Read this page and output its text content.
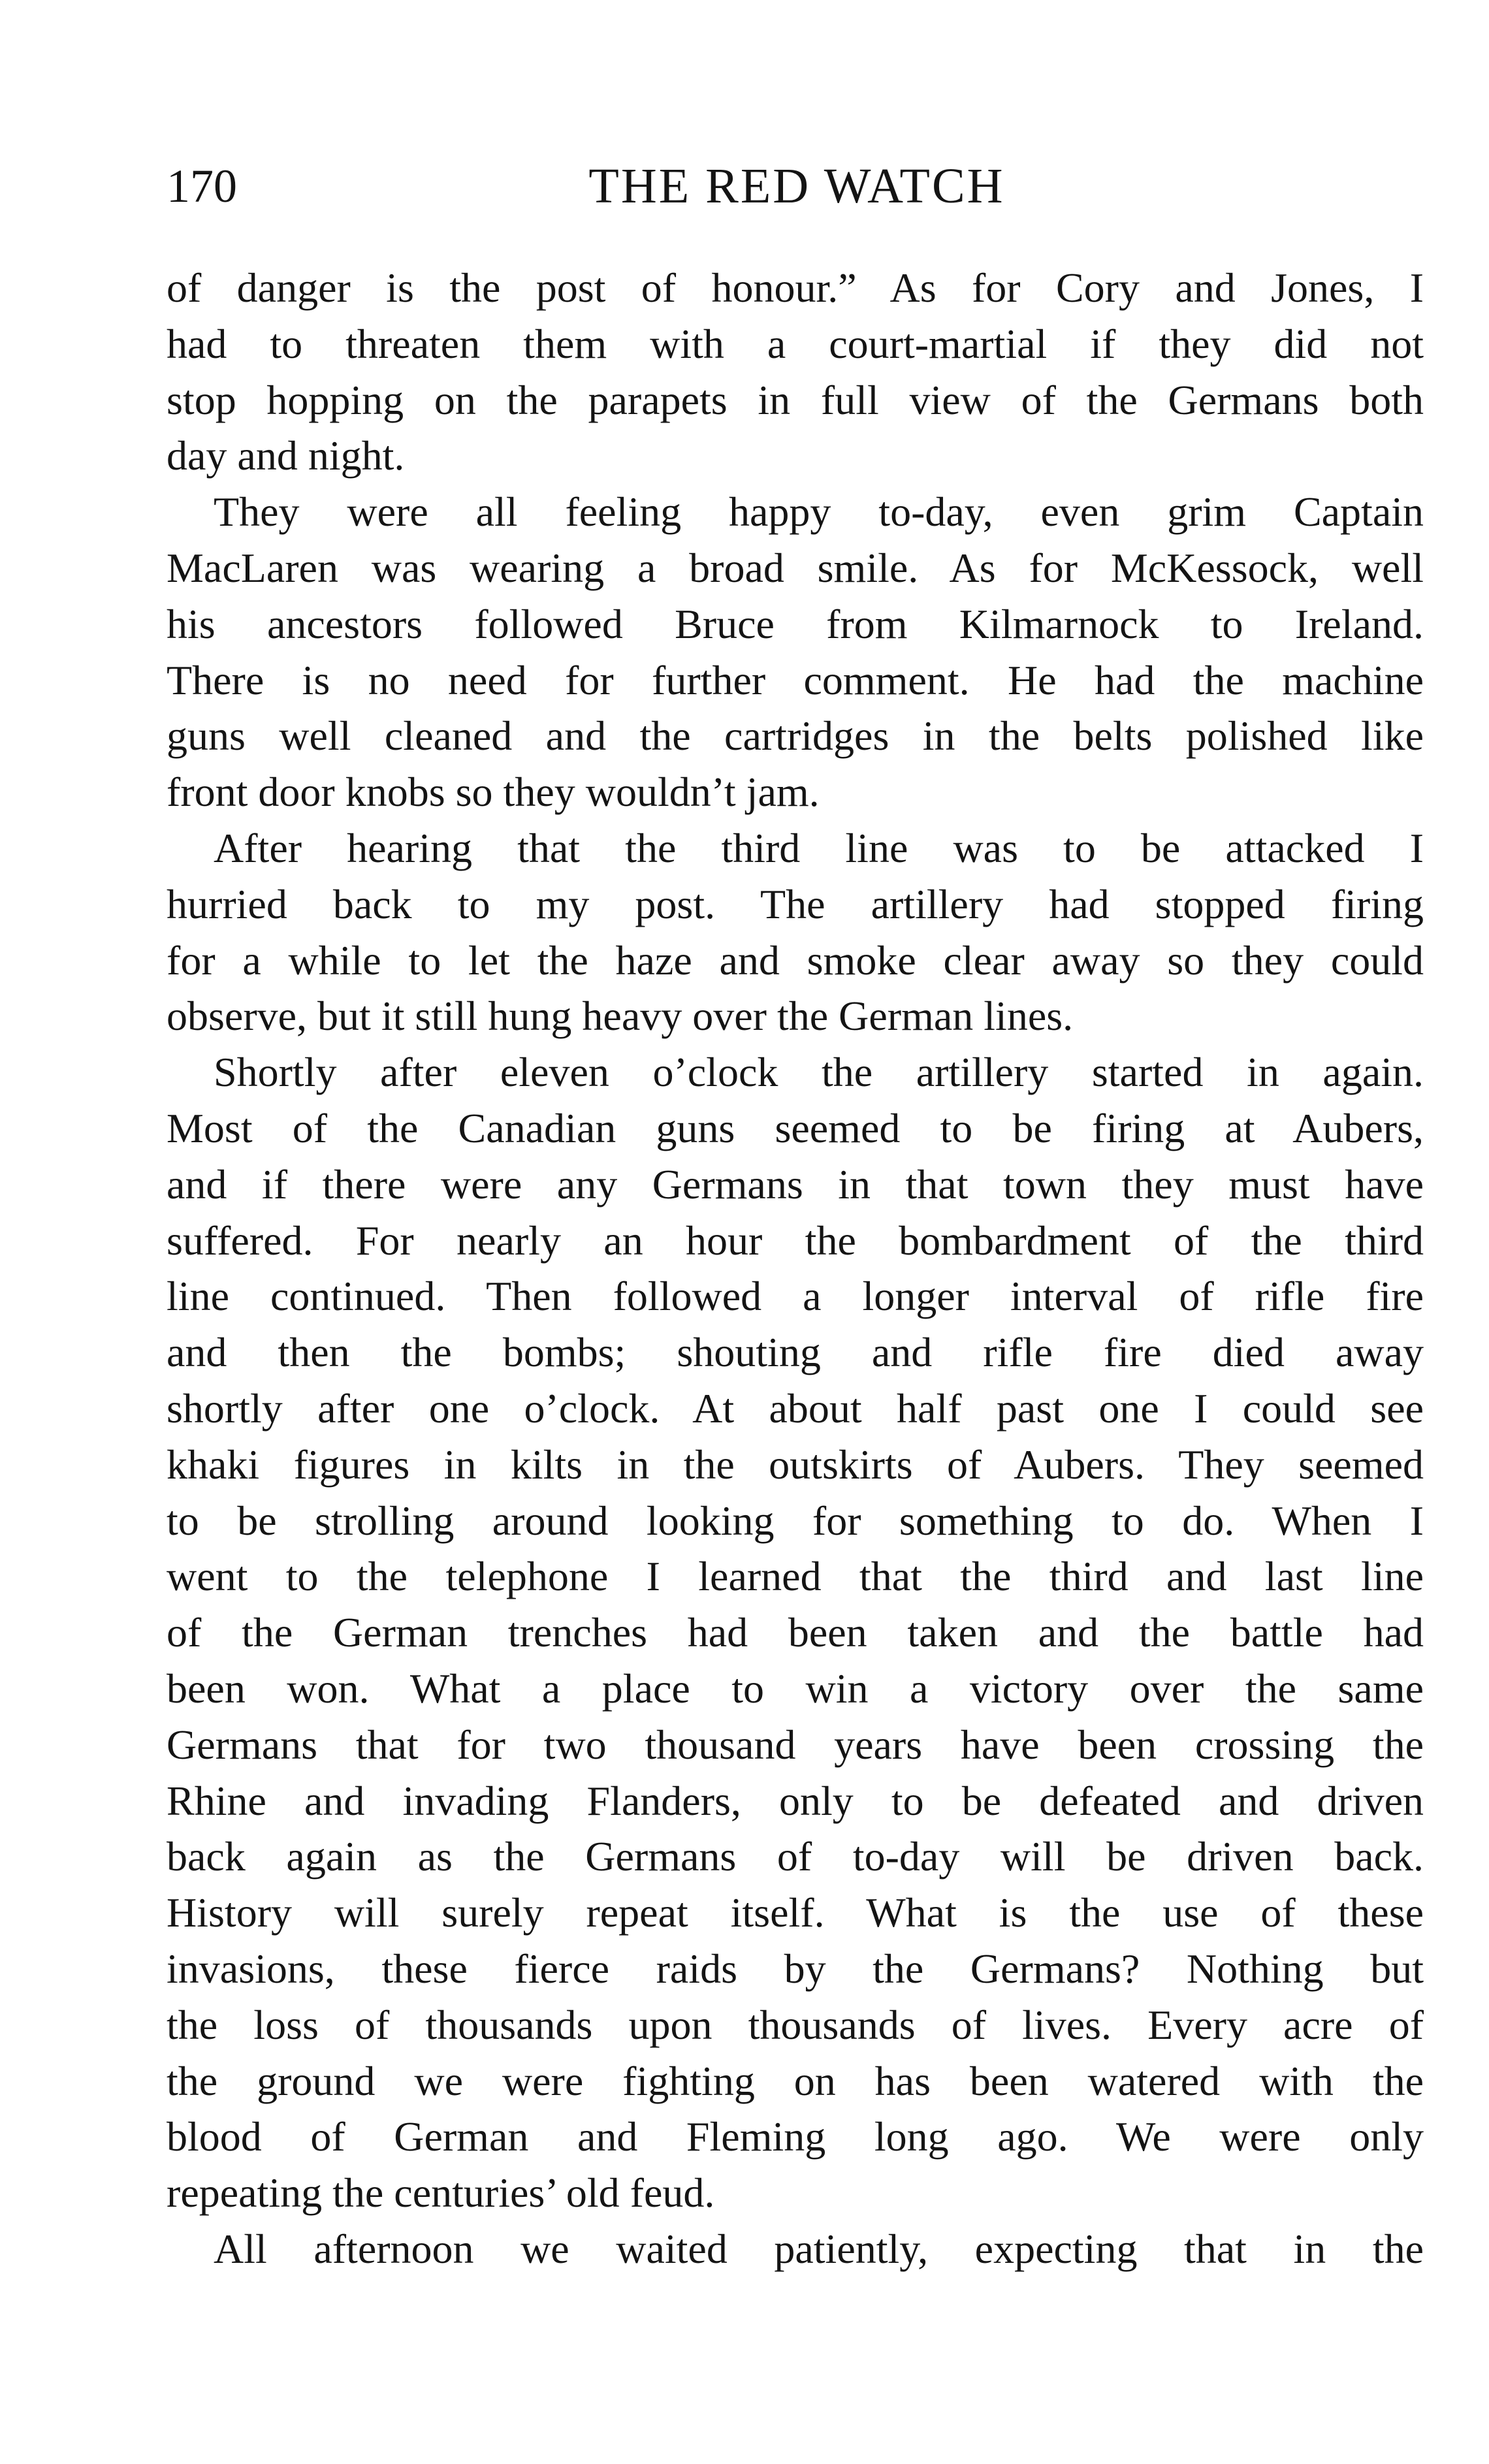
170	THE RED WATCH
of danger is the post of honour.” As for Cory and Jones, I
had to threaten them with a court-martial if they did not
stop hopping on the parapets in full view of the Germans both
day and night.
They were all feeling happy to-day, even grim Captain
MacLaren was wearing a broad smile. As for McKessock, well
his ancestors followed Bruce from Kilmarnock to Ireland.
There is no need for further comment. He had the machine
guns well cleaned and the cartridges in the belts polished like
front door knobs so they wouldn’t jam.
After hearing that the third line was to be attacked I
hurried back to my post. The artillery had stopped firing
for a while to let the haze and smoke clear away so they could
observe, but it still hung heavy over the German lines.
Shortly after eleven o’clock the artillery started in again.
Most of the Canadian guns seemed to be firing at Aubers,
and if there were any Germans in that town they must have
suffered. For nearly an hour the bombardment of the third
line continued. Then followed a longer interval of rifle fire
and then the bombs; shouting and rifle fire died away
shortly after one o’clock. At about half past one I could see
khaki figures in kilts in the outskirts of Aubers. They seemed
to be strolling around looking for something to do. When I
went to the telephone I learned that the third and last line
of the German trenches had been taken and the battle had
been won. What a place to win a victory over the same
Germans that for two thousand years have been crossing the
Rhine and invading Flanders, only to be defeated and driven
back again as the Germans of to-day will be driven back.
History will surely repeat itself. What is the use of these
invasions, these fierce raids by the Germans? Nothing but
the loss of thousands upon thousands of lives. Every acre of
the ground we were fighting on has been watered with the
blood of German and Fleming long ago. We were only
repeating the centuries’ old feud.
All afternoon we waited patiently, expecting that in the
